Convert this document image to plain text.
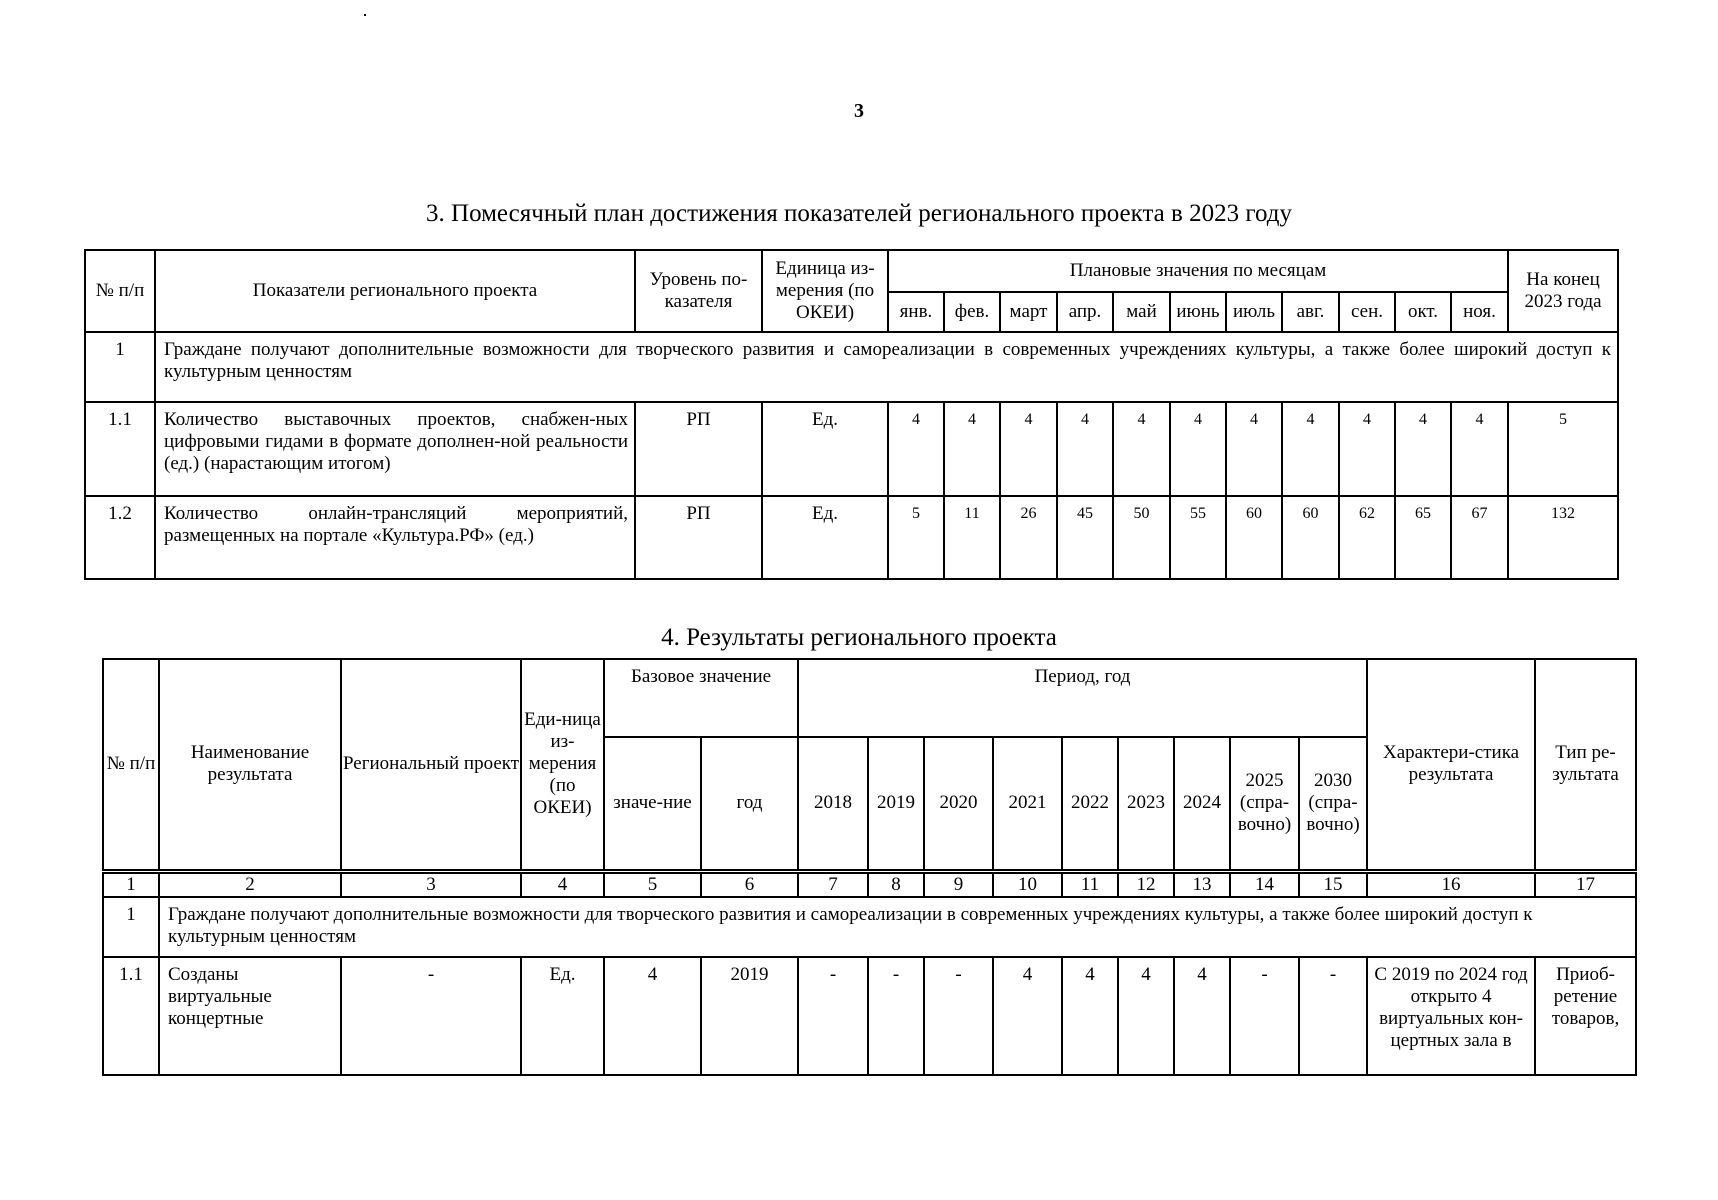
3
3. Помесячный план достижения показателей регионального проекта в 2023 году
№ п/п	Показатели регионального проекта	Уровень по-казателя	Единица из-мерения (по ОКЕИ)	Плановые значения по месяцам											На конец 2023 года
				янв.	фев.	март	апр.	май	июнь	июль	авг.	сен.	окт.	ноя.	
1	Граждане получают дополнительные возможности для творческого развития и самореализации в современных учреждениях культуры, а также более широкий доступ к культурным ценностям														
1.1	Количество выставочных проектов, снабжен-ных цифровыми гидами в формате дополнен-ной реальности (ед.) (нарастающим итогом)	РП	Ед.	4	4	4	4	4	4	4	4	4	4	4	5
1.2	Количество онлайн-трансляций мероприятий, размещенных на портале «Культура.РФ» (ед.)	РП	Ед.	5	11	26	45	50	55	60	60	62	65	67	132
4. Результаты регионального проекта
№ п/п	Наименование результата	Региональный проект	Еди-ница из-мерения (по ОКЕИ)	Базовое значение		Период, год									Характери-стика результата	Тип ре-зультата
				значе-ние	год	2018	2019	2020	2021	2022	2023	2024	2025 (спра-вочно)	2030 (спра-вочно)		
1	2	3	4	5	6	7	8	9	10	11	12	13	14	15	16	17
1	Граждане получают дополнительные возможности для творческого развития и самореализации в современных учреждениях культуры, а также более широкий доступ к культурным ценностям															
1.1	Созданы виртуальные концертные	-	Ед.	4	2019	-	-	-	4	4	4	4	-	-	С 2019 по 2024 год открыто 4 виртуальных кон-цертных зала в	Приоб-ретение товаров,
